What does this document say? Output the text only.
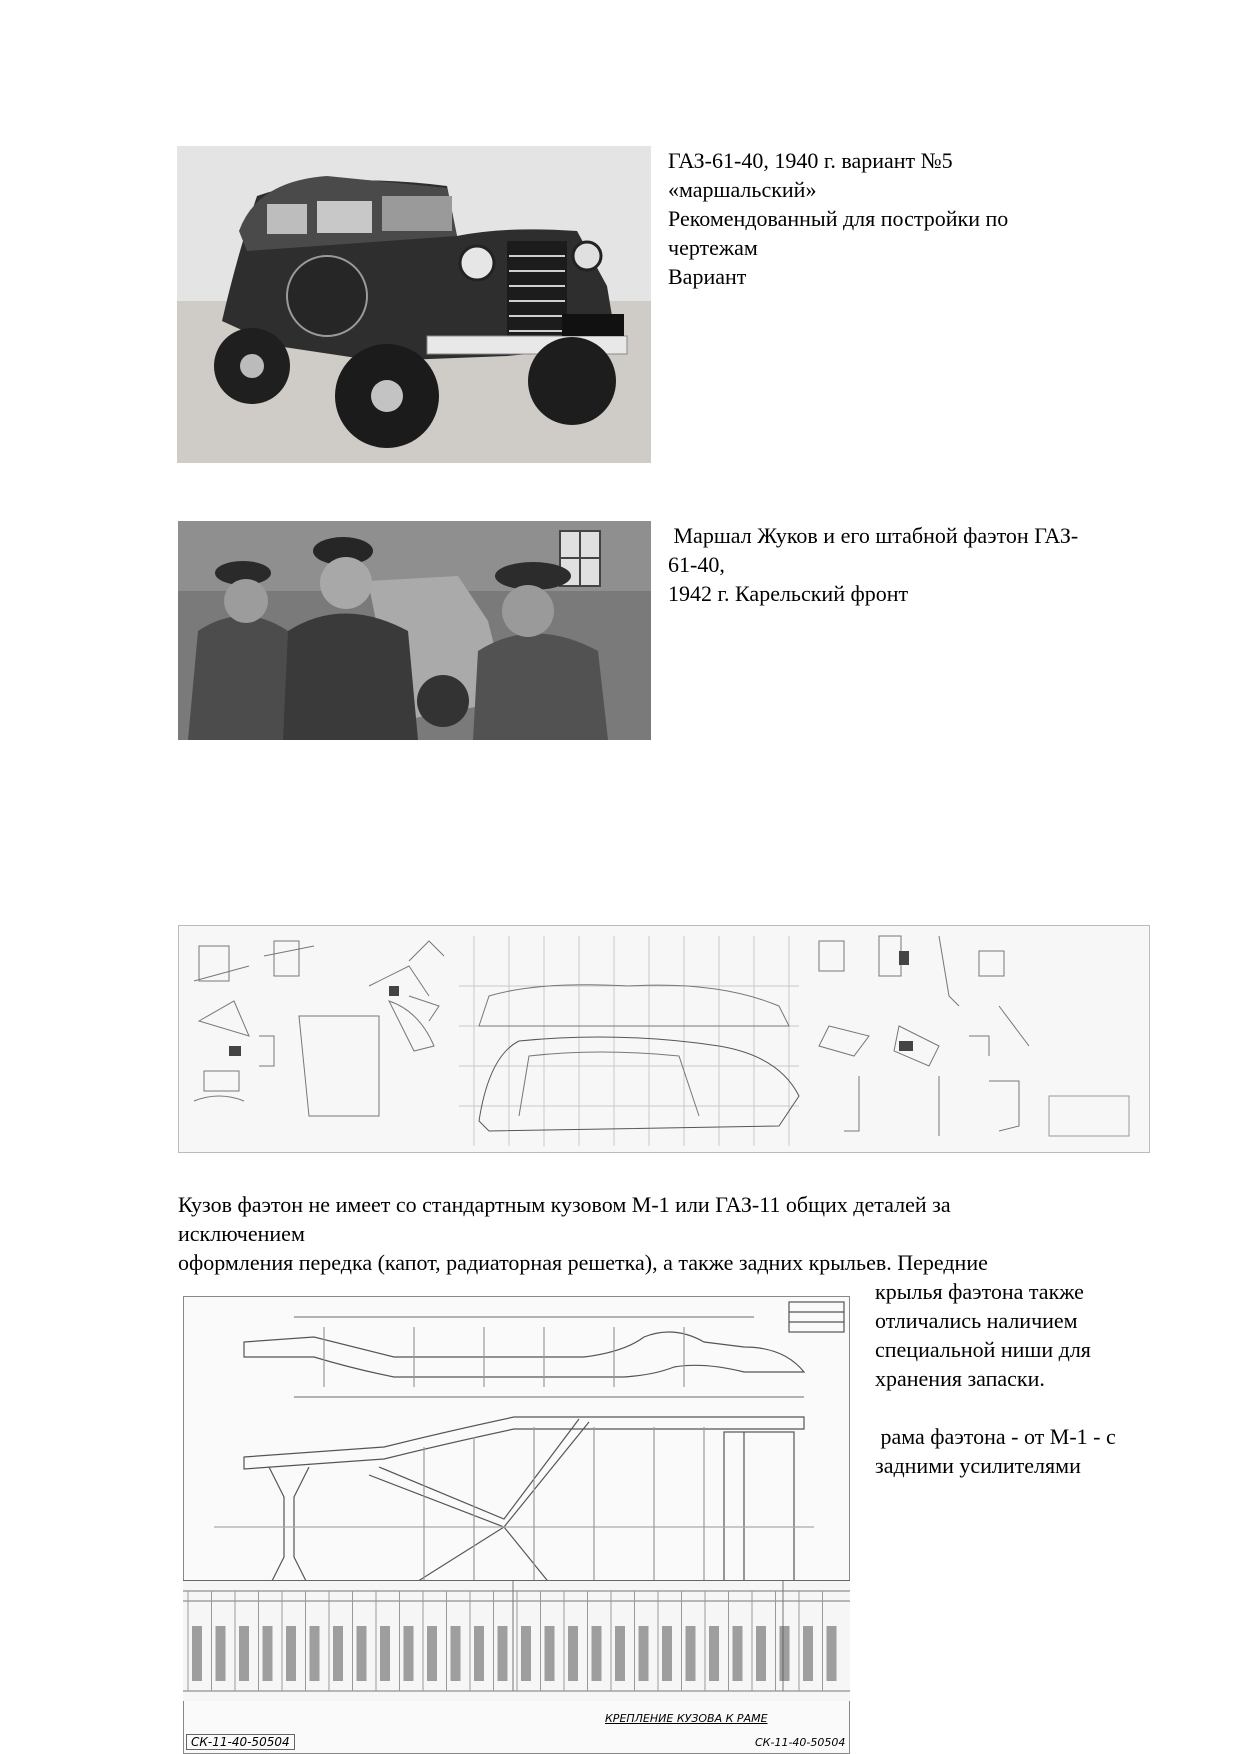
ГАЗ-61-40, 1940 г. вариант №5
«маршальский»
Рекомендованный для постройки по
чертежам
Вариант
Маршал Жуков и его штабной фаэтон ГАЗ-
61-40,
1942 г. Карельский фронт
Кузов фаэтон не имеет со стандартным кузовом М-1 или ГАЗ-11 общих деталей за
исключением
оформления передка (капот, радиаторная решетка), а также задних крыльев. Передние
крылья фаэтона также
отличались наличием
специальной ниши для
хранения запаски.
рама фаэтона - от М-1 - с
задними усилителями
КРЕПЛЕНИЕ КУЗОВА К РАМЕ
СК-11-40-50504	СК-11-40-50504
